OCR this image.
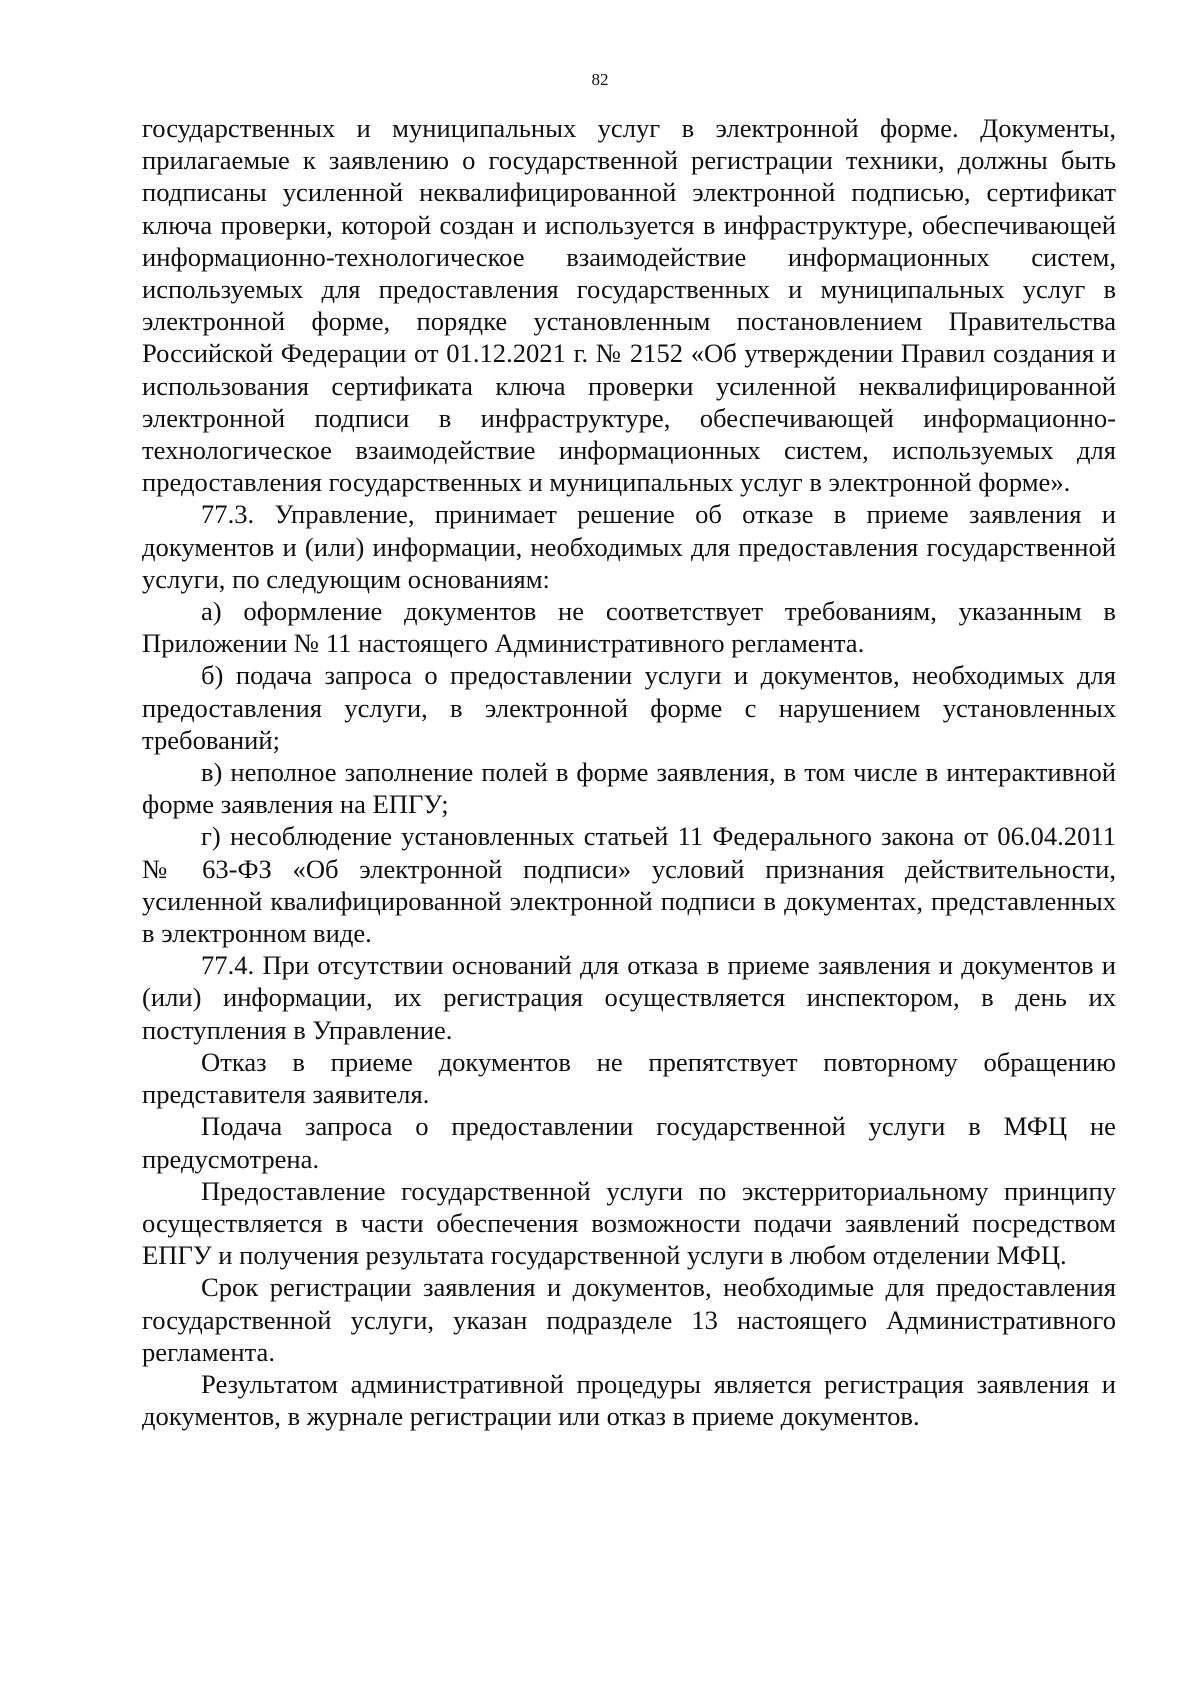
82

государственных и муниципальных услуг в электронной форме. Документы, прилагаемые к заявлению о государственной регистрации техники, должны быть подписаны усиленной неквалифицированной электронной подписью, сертификат ключа проверки, которой создан и используется в инфраструктуре, обеспечивающей информационно-технологическое взаимодействие информационных систем, используемых для предоставления государственных и муниципальных услуг в электронной форме, порядке установленным постановлением Правительства Российской Федерации от 01.12.2021 г. № 2152 «Об утверждении Правил создания и использования сертификата ключа проверки усиленной неквалифицированной электронной подписи в инфраструктуре, обеспечивающей информационно-технологическое взаимодействие информационных систем, используемых для предоставления государственных и муниципальных услуг в электронной форме».

77.3. Управление, принимает решение об отказе в приеме заявления и документов и (или) информации, необходимых для предоставления государственной услуги, по следующим основаниям:

а) оформление документов не соответствует требованиям, указанным в Приложении № 11 настоящего Административного регламента.

б) подача запроса о предоставлении услуги и документов, необходимых для предоставления услуги, в электронной форме с нарушением установленных требований;

в) неполное заполнение полей в форме заявления, в том числе в интерактивной форме заявления на ЕПГУ;

г) несоблюдение установленных статьей 11 Федерального закона от 06.04.2011 № 63-ФЗ «Об электронной подписи» условий признания действительности, усиленной квалифицированной электронной подписи в документах, представленных в электронном виде.

77.4. При отсутствии оснований для отказа в приеме заявления и документов и (или) информации, их регистрация осуществляется инспектором, в день их поступления в Управление.

Отказ в приеме документов не препятствует повторному обращению представителя заявителя.

Подача запроса о предоставлении государственной услуги в МФЦ не предусмотрена.

Предоставление государственной услуги по экстерриториальному принципу осуществляется в части обеспечения возможности подачи заявлений посредством ЕПГУ и получения результата государственной услуги в любом отделении МФЦ.

Срок регистрации заявления и документов, необходимые для предоставления государственной услуги, указан подразделе 13 настоящего Административного регламента.

Результатом административной процедуры является регистрация заявления и документов, в журнале регистрации или отказ в приеме документов.
